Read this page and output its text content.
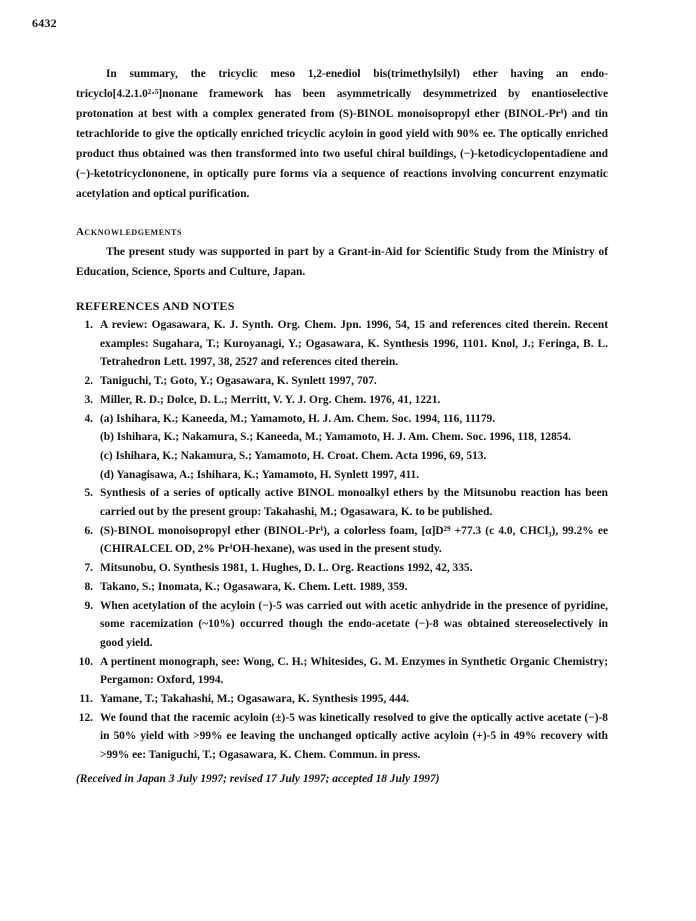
6432

In summary, the tricyclic meso 1,2-enediol bis(trimethylsilyl) ether having an endo-tricyclo[4.2.1.0²·⁵]nonane framework has been asymmetrically desymmetrized by enantioselective protonation at best with a complex generated from (S)-BINOL monoisopropyl ether (BINOL-Prⁱ) and tin tetrachloride to give the optically enriched tricyclic acyloin in good yield with 90% ee. The optically enriched product thus obtained was then transformed into two useful chiral buildings, (−)-ketodicyclopentadiene and (−)-ketotricyclononene, in optically pure forms via a sequence of reactions involving concurrent enzymatic acetylation and optical purification.

Acknowledgements

The present study was supported in part by a Grant-in-Aid for Scientific Study from the Ministry of Education, Science, Sports and Culture, Japan.

REFERENCES AND NOTES
1. A review: Ogasawara, K. J. Synth. Org. Chem. Jpn. 1996, 54, 15 and references cited therein. Recent examples: Sugahara, T.; Kuroyanagi, Y.; Ogasawara, K. Synthesis 1996, 1101. Knol, J.; Feringa, B. L. Tetrahedron Lett. 1997, 38, 2527 and references cited therein.
2. Taniguchi, T.; Goto, Y.; Ogasawara, K. Synlett 1997, 707.
3. Miller, R. D.; Dolce, D. L.; Merritt, V. Y. J. Org. Chem. 1976, 41, 1221.
4. (a) Ishihara, K.; Kaneeda, M.; Yamamoto, H. J. Am. Chem. Soc. 1994, 116, 11179.
(b) Ishihara, K.; Nakamura, S.; Kaneeda, M.; Yamamoto, H. J. Am. Chem. Soc. 1996, 118, 12854.
(c) Ishihara, K.; Nakamura, S.; Yamamoto, H. Croat. Chem. Acta 1996, 69, 513.
(d) Yanagisawa, A.; Ishihara, K.; Yamamoto, H. Synlett 1997, 411.
5. Synthesis of a series of optically active BINOL monoalkyl ethers by the Mitsunobu reaction has been carried out by the present group: Takahashi, M.; Ogasawara, K. to be published.
6. (S)-BINOL monoisopropyl ether (BINOL-Prⁱ), a colorless foam, [α]D²⁹ +77.3 (c 4.0, CHCl₃), 99.2% ee (CHIRALCEL OD, 2% PrⁱOH-hexane), was used in the present study.
7. Mitsunobu, O. Synthesis 1981, 1. Hughes, D. L. Org. Reactions 1992, 42, 335.
8. Takano, S.; Inomata, K.; Ogasawara, K. Chem. Lett. 1989, 359.
9. When acetylation of the acyloin (−)-5 was carried out with acetic anhydride in the presence of pyridine, some racemization (~10%) occurred though the endo-acetate (−)-8 was obtained stereoselectively in good yield.
10. A pertinent monograph, see: Wong, C. H.; Whitesides, G. M. Enzymes in Synthetic Organic Chemistry; Pergamon: Oxford, 1994.
11. Yamane, T.; Takahashi, M.; Ogasawara, K. Synthesis 1995, 444.
12. We found that the racemic acyloin (±)-5 was kinetically resolved to give the optically active acetate (−)-8 in 50% yield with >99% ee leaving the unchanged optically active acyloin (+)-5 in 49% recovery with >99% ee: Taniguchi, T.; Ogasawara, K. Chem. Commun. in press.
(Received in Japan 3 July 1997; revised 17 July 1997; accepted 18 July 1997)
